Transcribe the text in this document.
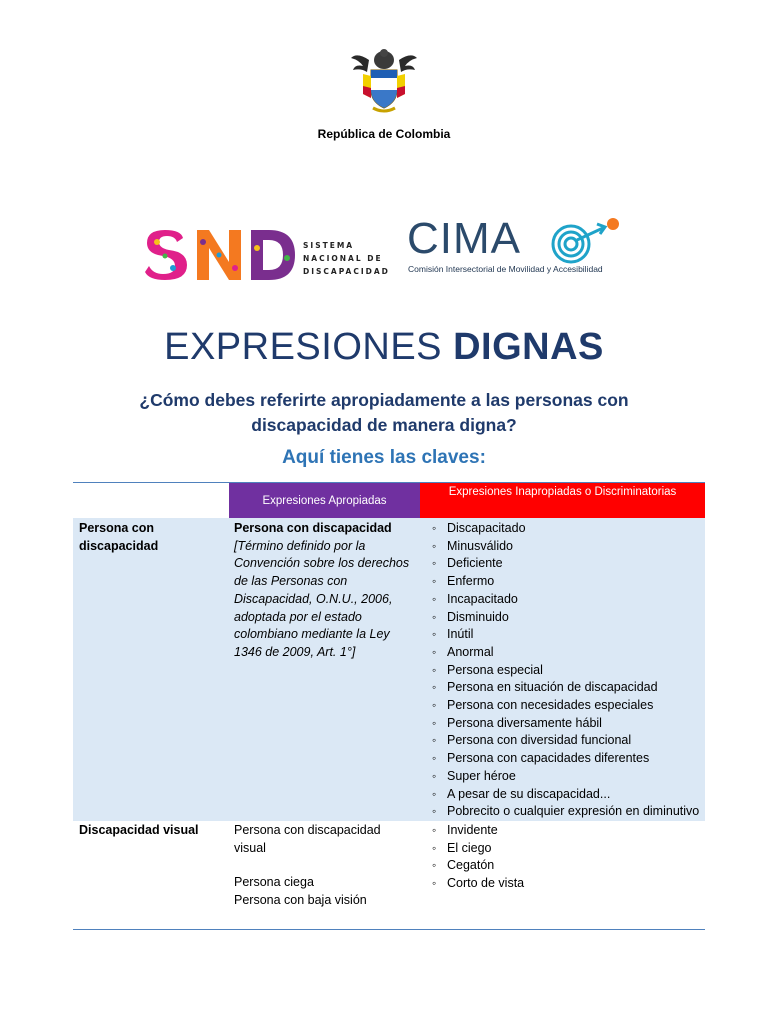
República de Colombia
SISTEMA
NACIONAL DE
DISCAPACIDAD
CIMA
Comisión Intersectorial de Movilidad y Accesibilidad
EXPRESIONES DIGNAS
¿Cómo debes referirte apropiadamente a las personas con discapacidad de manera digna?
Aquí tienes las claves:
Expresiones Apropiadas
Expresiones Inapropiadas o Discriminatorias
Persona con discapacidad
Persona con discapacidad
[Término definido por la Convención sobre los derechos de las Personas con Discapacidad, O.N.U., 2006, adoptada por el estado colombiano mediante la Ley 1346 de 2009, Art. 1°]
◦ Discapacitado
◦ Minusválido
◦ Deficiente
◦ Enfermo
◦ Incapacitado
◦ Disminuido
◦ Inútil
◦ Anormal
◦ Persona especial
◦ Persona en situación de discapacidad
◦ Persona con necesidades especiales
◦ Persona diversamente hábil
◦ Persona con diversidad funcional
◦ Persona con capacidades diferentes
◦ Super héroe
◦ A pesar de su discapacidad...
◦ Pobrecito o cualquier expresión en diminutivo
Discapacidad visual	Persona con discapacidad visual
Persona ciega
Persona con baja visión
◦ Invidente
◦ El ciego
◦ Cegatón
◦ Corto de vista
